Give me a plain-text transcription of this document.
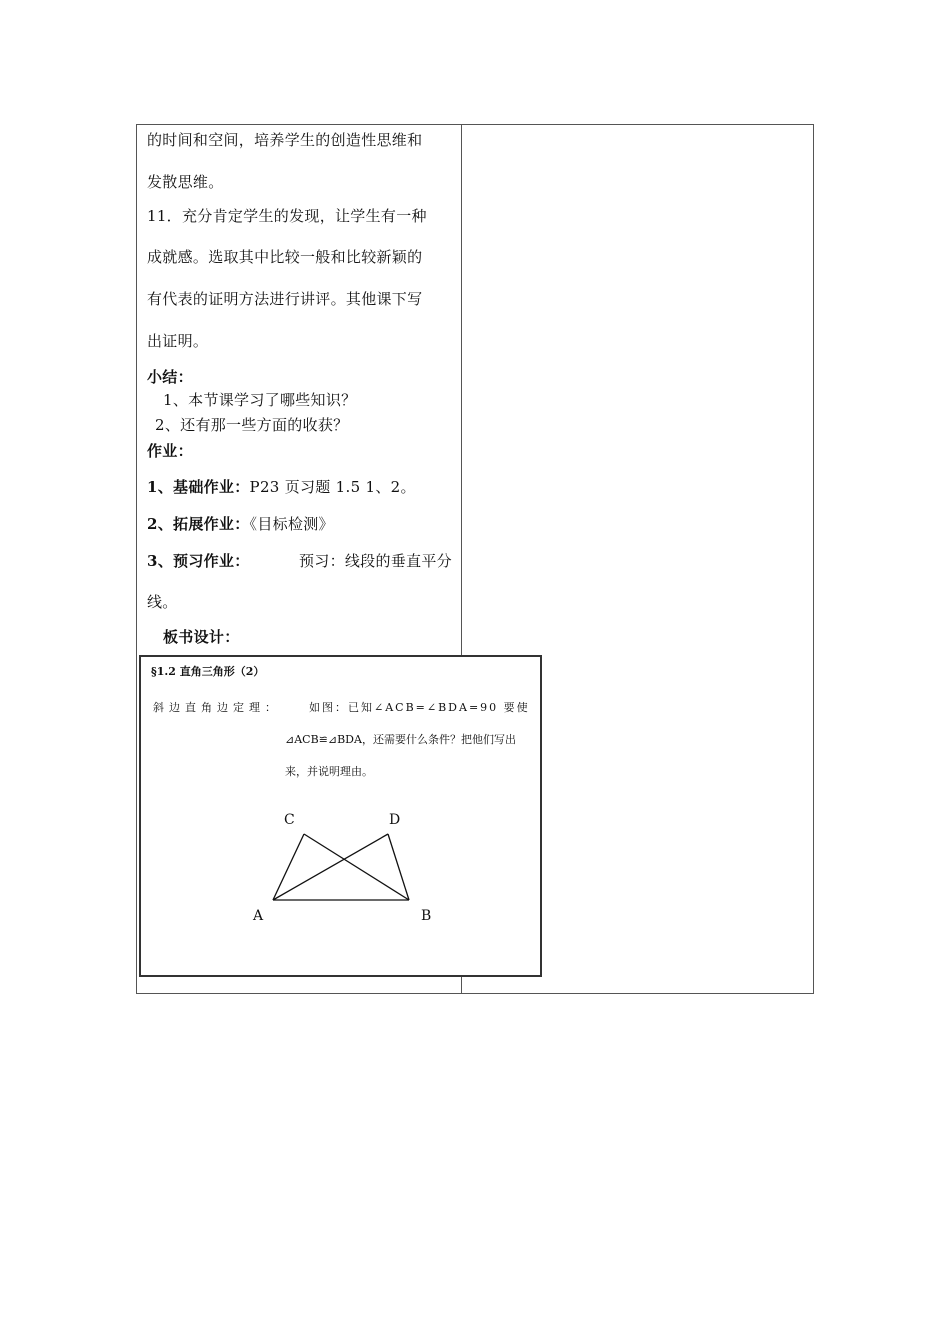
的时间和空间，培养学生的创造性思维和
发散思维。
11．充分肯定学生的发现，让学生有一种
成就感。选取其中比较一般和比较新颖的
有代表的证明方法进行讲评。其他课下写
出证明。
小结：
1、本节课学习了哪些知识？
2、还有那一些方面的收获？
作业：
1、基础作业：P23 页习题 1.5 1、2。
2、拓展作业：《目标检测》
3、预习作业：	预习：线段的垂直平分
线。
板书设计：
§1.2 直角三角形（2）
斜边直角边定理：	如图：已知∠ACB=∠BDA=90 要使
⊿ACB≌⊿BDA，还需要什么条件？把他们写出
来，并说明理由。
C	D
A	B
